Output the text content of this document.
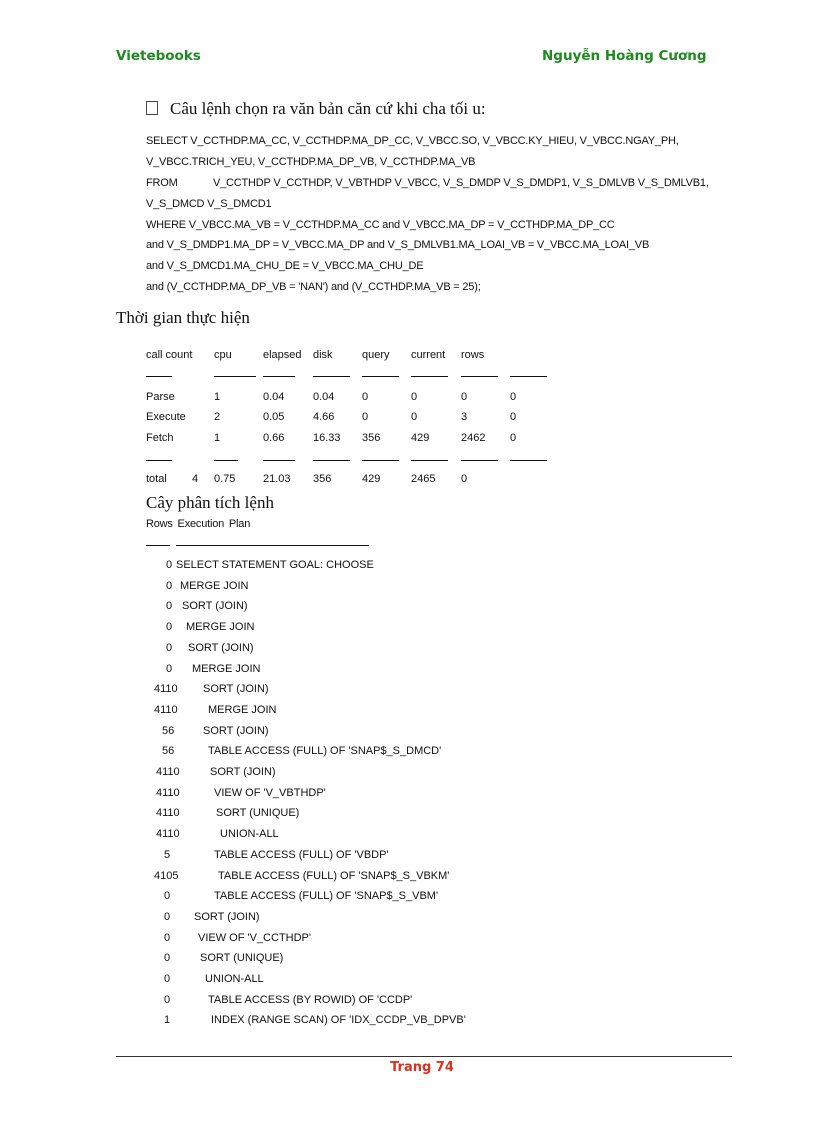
Vietebooks	Nguyễn Hoàng Cương
Câu lệnh chọn ra văn bản căn cứ khi cha tối u:
SELECT V_CCTHDP.MA_CC, V_CCTHDP.MA_DP_CC, V_VBCC.SO, V_VBCC.KY_HIEU, V_VBCC.NGAY_PH,
V_VBCC.TRICH_YEU, V_CCTHDP.MA_DP_VB, V_CCTHDP.MA_VB
FROM	V_CCTHDP V_CCTHDP, V_VBTHDP V_VBCC, V_S_DMDP V_S_DMDP1, V_S_DMLVB V_S_DMLVB1,
V_S_DMCD V_S_DMCD1
WHERE V_VBCC.MA_VB = V_CCTHDP.MA_CC and V_VBCC.MA_DP = V_CCTHDP.MA_DP_CC
and V_S_DMDP1.MA_DP = V_VBCC.MA_DP and V_S_DMLVB1.MA_LOAI_VB = V_VBCC.MA_LOAI_VB
and V_S_DMCD1.MA_CHU_DE = V_VBCC.MA_CHU_DE
and (V_CCTHDP.MA_DP_VB = 'NAN') and (V_CCTHDP.MA_VB = 25);
Thời gian thực hiện
call count cpu	elapsed disk	query current rows
Parse	1	0.04	0.04	0	0	0	0
Execute	2	0.05	4.66	0	0	3	0
Fetch	1	0.66	16.33 356	429	2462 0
total 4 0.75	21.03 356	429	2465 0
Cây phân tích lệnh
Rows Execution Plan
0 SELECT STATEMENT GOAL: CHOOSE
0 MERGE JOIN
0 SORT (JOIN)
0 MERGE JOIN
0 SORT (JOIN)
0 MERGE JOIN
4110 SORT (JOIN)
4110	MERGE JOIN
56	SORT (JOIN)
56	TABLE ACCESS (FULL) OF 'SNAP$_S_DMCD'
4110	SORT (JOIN)
4110	VIEW OF 'V_VBTHDP'
4110	SORT (UNIQUE)
4110	UNION-ALL
5	TABLE ACCESS (FULL) OF 'VBDP'
4105	TABLE ACCESS (FULL) OF 'SNAP$_S_VBKM'
0	TABLE ACCESS (FULL) OF 'SNAP$_S_VBM'
0 SORT (JOIN)
0	VIEW OF 'V_CCTHDP'
0	SORT (UNIQUE)
0	UNION-ALL
0	TABLE ACCESS (BY ROWID) OF 'CCDP'
1	INDEX (RANGE SCAN) OF 'IDX_CCDP_VB_DPVB'
Trang 74
